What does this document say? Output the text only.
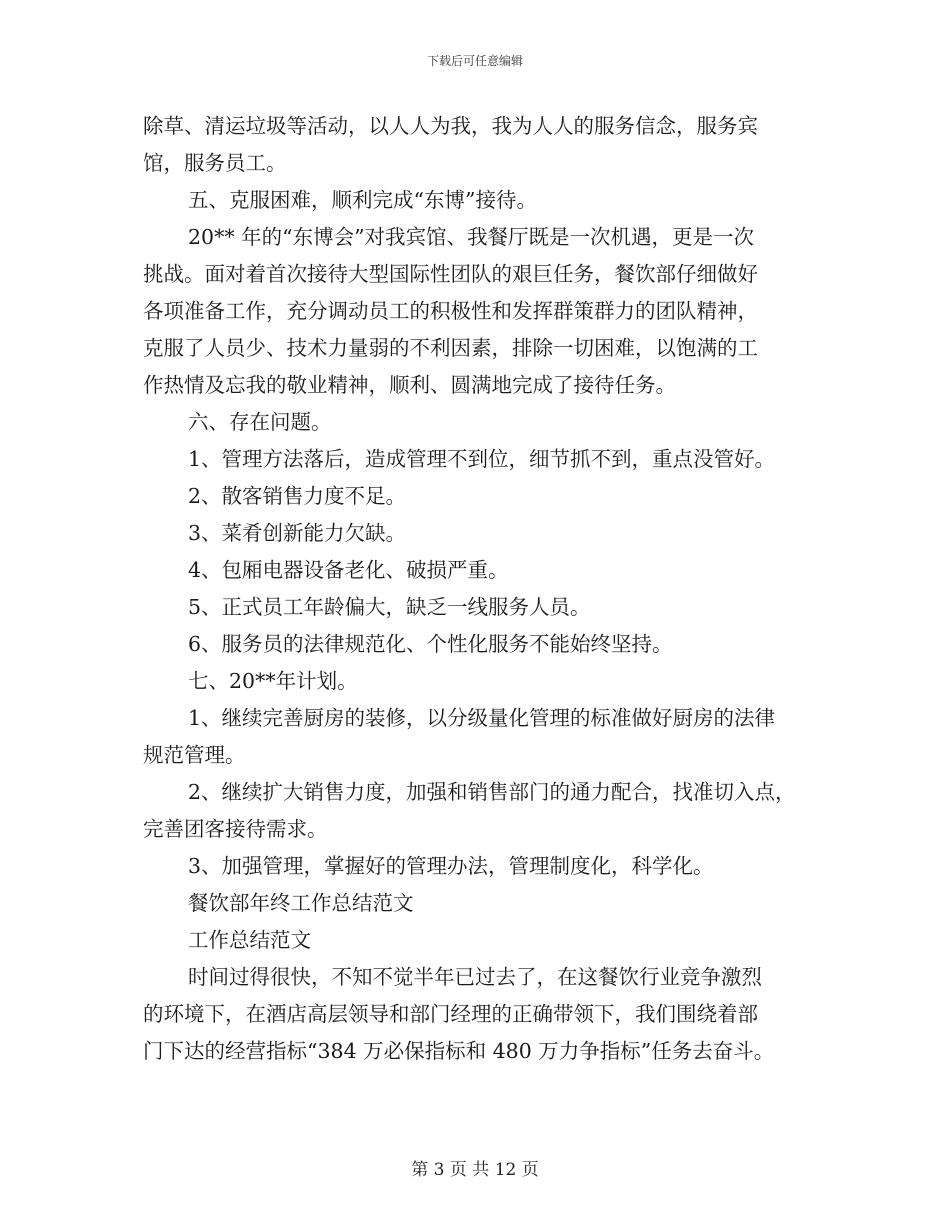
下载后可任意编辑
除草、清运垃圾等活动，以人人为我，我为人人的服务信念，服务宾
馆，服务员工。
五、克服困难，顺利完成“东博”接待。
20** 年的“东博会”对我宾馆、我餐厅既是一次机遇，更是一次
挑战。面对着首次接待大型国际性团队的艰巨任务，餐饮部仔细做好
各项准备工作，充分调动员工的积极性和发挥群策群力的团队精神，
克服了人员少、技术力量弱的不利因素，排除一切困难，以饱满的工
作热情及忘我的敬业精神，顺利、圆满地完成了接待任务。
六、存在问题。
1、管理方法落后，造成管理不到位，细节抓不到，重点没管好。
2、散客销售力度不足。
3、菜肴创新能力欠缺。
4、包厢电器设备老化、破损严重。
5、正式员工年龄偏大，缺乏一线服务人员。
6、服务员的法律规范化、个性化服务不能始终坚持。
七、20**年计划。
1、继续完善厨房的装修，以分级量化管理的标准做好厨房的法律
规范管理。
2、继续扩大销售力度，加强和销售部门的通力配合，找准切入点，
完善团客接待需求。
3、加强管理，掌握好的管理办法，管理制度化，科学化。
餐饮部年终工作总结范文
工作总结范文
时间过得很快，不知不觉半年已过去了，在这餐饮行业竞争激烈
的环境下，在酒店高层领导和部门经理的正确带领下，我们围绕着部
门下达的经营指标“384 万必保指标和 480 万力争指标”任务去奋斗。
第 3 页 共 12 页
